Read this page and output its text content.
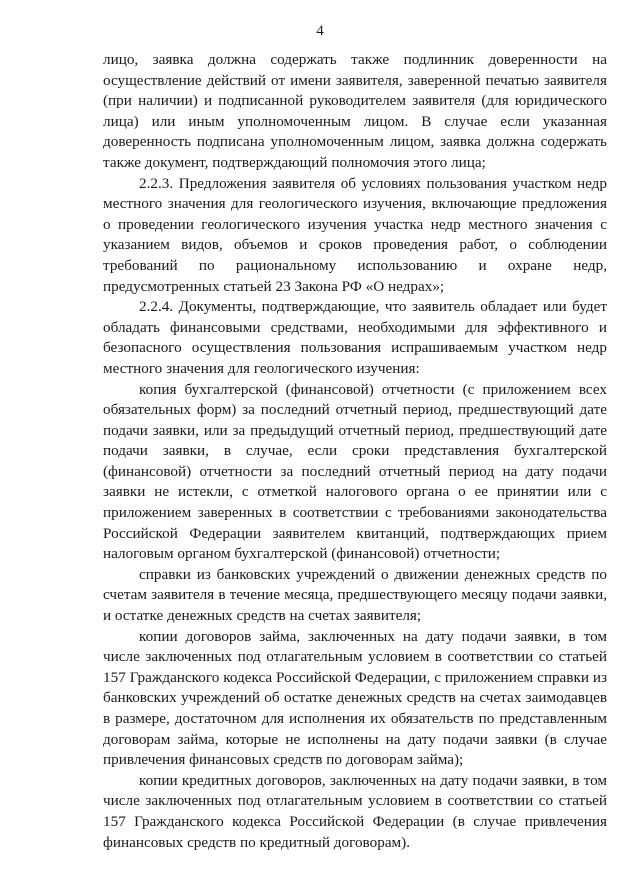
4

лицо, заявка должна содержать также подлинник доверенности на осуществление действий от имени заявителя, заверенной печатью заявителя (при наличии) и подписанной руководителем заявителя (для юридического лица) или иным уполномоченным лицом. В случае если указанная доверенность подписана уполномоченным лицом, заявка должна содержать также документ, подтверждающий полномочия этого лица;

2.2.3. Предложения заявителя об условиях пользования участком недр местного значения для геологического изучения, включающие предложения о проведении геологического изучения участка недр местного значения с указанием видов, объемов и сроков проведения работ, о соблюдении требований по рациональному использованию и охране недр, предусмотренных статьей 23 Закона РФ «О недрах»;

2.2.4. Документы, подтверждающие, что заявитель обладает или будет обладать финансовыми средствами, необходимыми для эффективного и безопасного осуществления пользования испрашиваемым участком недр местного значения для геологического изучения:

копия бухгалтерской (финансовой) отчетности (с приложением всех обязательных форм) за последний отчетный период, предшествующий дате подачи заявки, или за предыдущий отчетный период, предшествующий дате подачи заявки, в случае, если сроки представления бухгалтерской (финансовой) отчетности за последний отчетный период на дату подачи заявки не истекли, с отметкой налогового органа о ее принятии или с приложением заверенных в соответствии с требованиями законодательства Российской Федерации заявителем квитанций, подтверждающих прием налоговым органом бухгалтерской (финансовой) отчетности;

справки из банковских учреждений о движении денежных средств по счетам заявителя в течение месяца, предшествующего месяцу подачи заявки, и остатке денежных средств на счетах заявителя;

копии договоров займа, заключенных на дату подачи заявки, в том числе заключенных под отлагательным условием в соответствии со статьей 157 Гражданского кодекса Российской Федерации, с приложением справки из банковских учреждений об остатке денежных средств на счетах заимодавцев в размере, достаточном для исполнения их обязательств по представленным договорам займа, которые не исполнены на дату подачи заявки (в случае привлечения финансовых средств по договорам займа);

копии кредитных договоров, заключенных на дату подачи заявки, в том числе заключенных под отлагательным условием в соответствии со статьей 157 Гражданского кодекса Российской Федерации (в случае привлечения финансовых средств по кредитный договорам).
